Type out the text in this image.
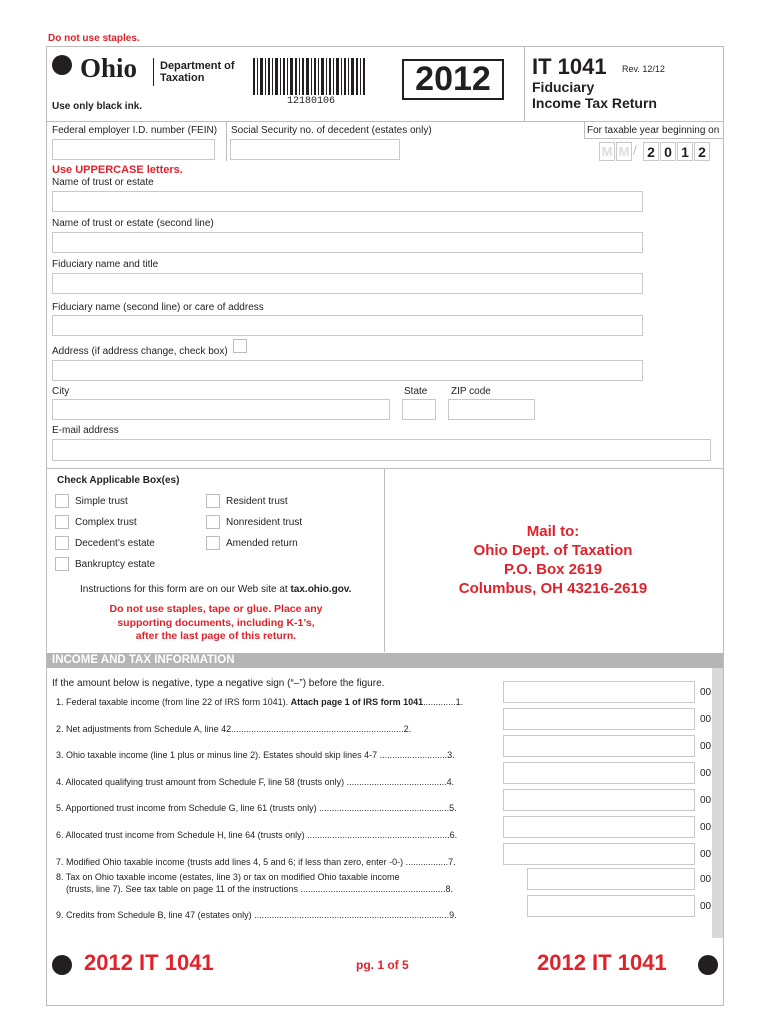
Do not use staples.
Ohio Department of
Taxation
12180106
2012	IT 1041 Rev. 12/12
Fiduciary
Income Tax Return
Use only black ink.
Federal employer I.D. number (FEIN) Social Security no. of decedent (estates only)	For taxable year beginning on
M M / 2 0 1 2
Use UPPERCASE letters.
Name of trust or estate
Name of trust or estate (second line)
Fiduciary name and title
Fiduciary name (second line) or care of address
Address (if address change, check box)
City	State ZIP code
E-mail address
Check Applicable Box(es)
Simple trust
Complex trust
Decedent’s estate
Bankruptcy estate
Resident trust
Nonresident trust
Amended return
Instructions for this form are on our Web site at tax.ohio.gov.
Do not use staples, tape or glue. Place any
supporting documents, including K-1’s,
after the last page of this return.
Mail to:
Ohio Dept. of Taxation
P.O. Box 2619
Columbus, OH 43216-2619
INCOME AND TAX INFORMATION
If the amount below is negative, type a negative sign (“–”) before the figure.
1. Federal taxable income (from line 22 of IRS form 1041). Attach page 1 of IRS form 1041.............1.
00
2. Net adjustments from Schedule A, line 42.....................................................................2.
00
3. Ohio taxable income (line 1 plus or minus line 2). Estates should skip lines 4-7 ...........................3.
00
4. Allocated qualifying trust amount from Schedule F, line 58 (trusts only) ........................................4.
00
5. Apportioned trust income from Schedule G, line 61 (trusts only) ....................................................5.
00
6. Allocated trust income from Schedule H, line 64 (trusts only) .........................................................6.
00
7. Modified Ohio taxable income (trusts add lines 4, 5 and 6; if less than zero, enter -0-) .................7.
00
8. Tax on Ohio taxable income (estates, line 3) or tax on modified Ohio taxable income
(trusts, line 7). See tax table on page 11 of the instructions ..........................................................8.
00
9. Credits from Schedule B, line 47 (estates only) ..............................................................................9.
00
2012 IT 1041	pg. 1 of 5	2012 IT 1041
